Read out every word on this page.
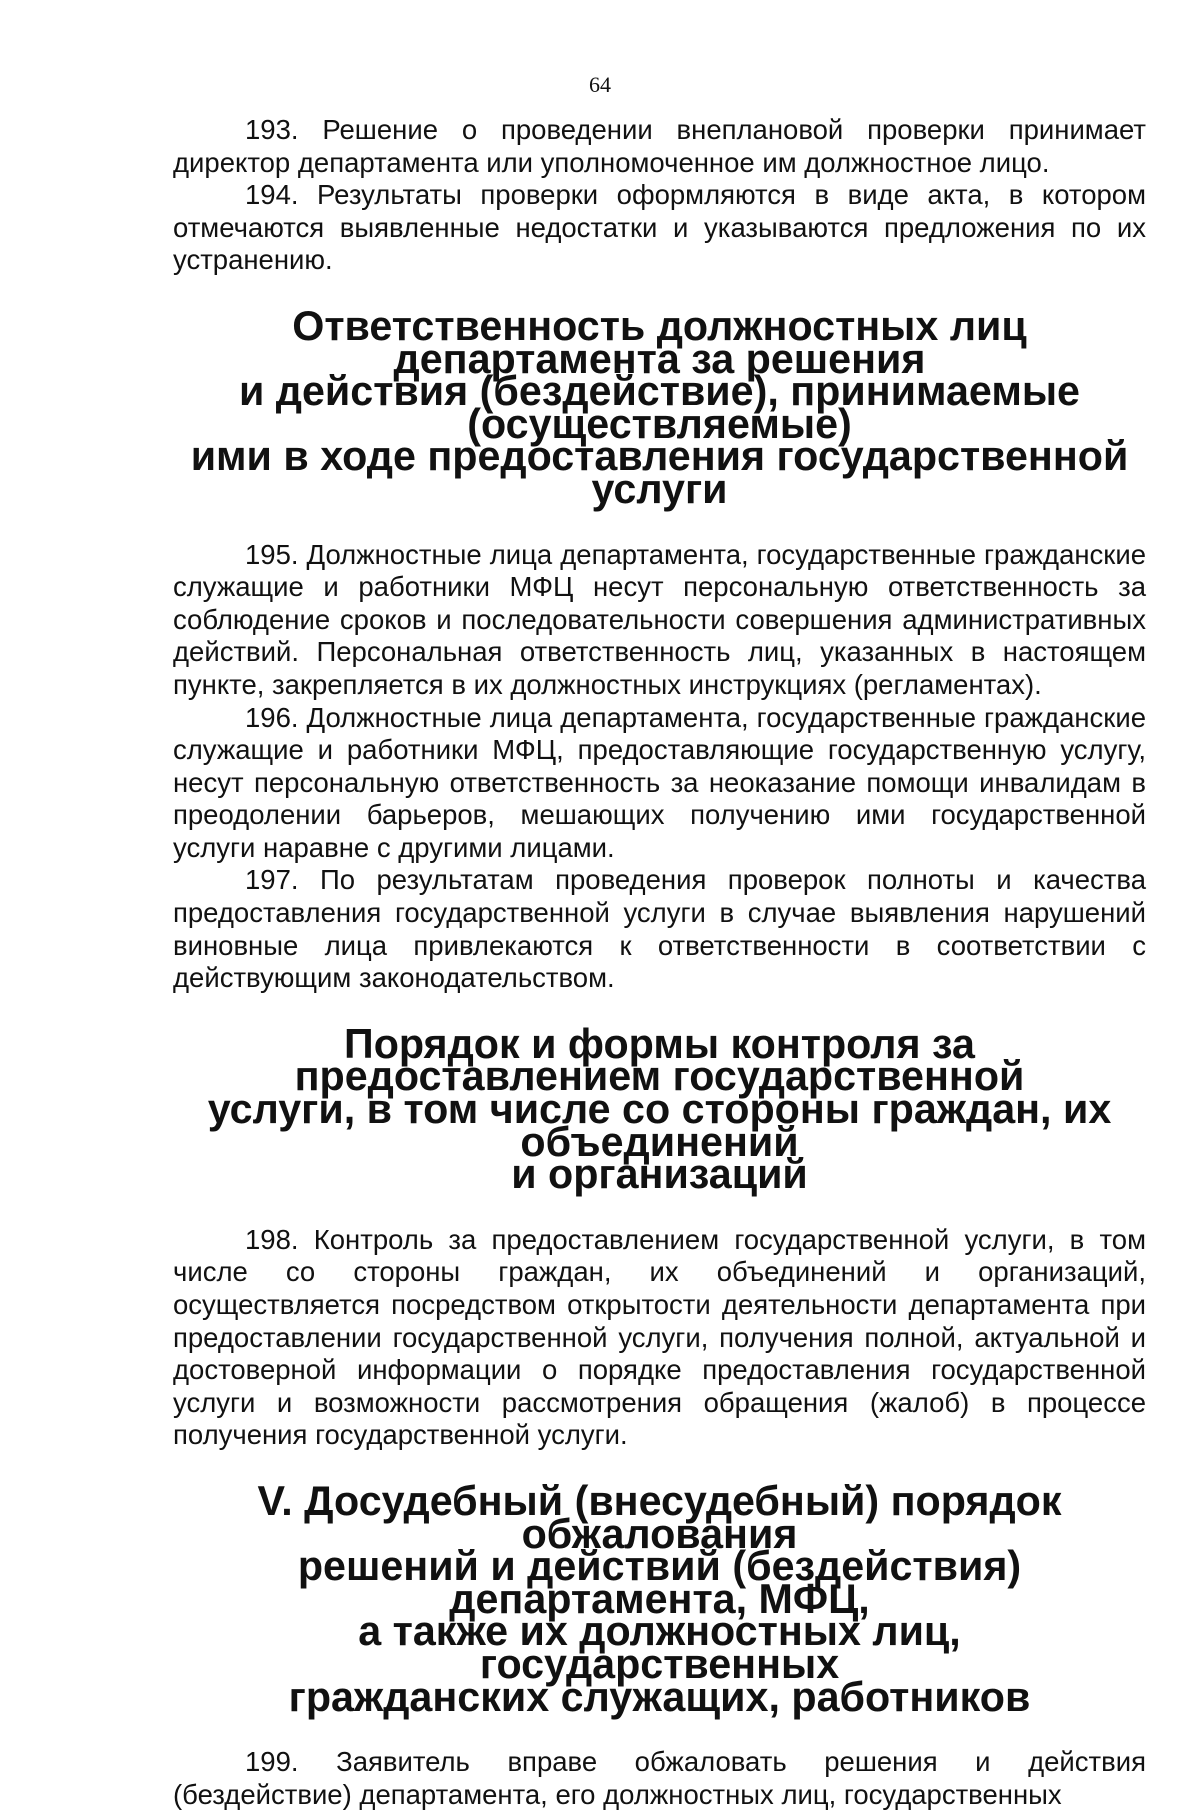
64

193. Решение о проведении внеплановой проверки принимает директор департамента или уполномоченное им должностное лицо.

194. Результаты проверки оформляются в виде акта, в котором отмечаются выявленные недостатки и указываются предложения по их устранению.

Ответственность должностных лиц департамента за решения
и действия (бездействие), принимаемые (осуществляемые)
ими в ходе предоставления государственной услуги

195. Должностные лица департамента, государственные гражданские служащие и работники МФЦ несут персональную ответственность за соблюдение сроков и последовательности совершения административных действий. Персональная ответственность лиц, указанных в настоящем пункте, закрепляется в их должностных инструкциях (регламентах).

196. Должностные лица департамента, государственные гражданские служащие и работники МФЦ, предоставляющие государственную услугу, несут персональную ответственность за неоказание помощи инвалидам в преодолении барьеров, мешающих получению ими государственной услуги наравне с другими лицами.

197. По результатам проведения проверок полноты и качества предоставления государственной услуги в случае выявления нарушений виновные лица привлекаются к ответственности в соответствии с действующим законодательством.

Порядок и формы контроля за предоставлением государственной
услуги, в том числе со стороны граждан, их объединений
и организаций

198. Контроль за предоставлением государственной услуги, в том числе со стороны граждан, их объединений и организаций, осуществляется посредством открытости деятельности департамента при предоставлении государственной услуги, получения полной, актуальной и достоверной информации о порядке предоставления государственной услуги и возможности рассмотрения обращения (жалоб) в процессе получения государственной услуги.

V. Досудебный (внесудебный) порядок обжалования
решений и действий (бездействия) департамента, МФЦ,
а также их должностных лиц, государственных
гражданских служащих, работников

199. Заявитель вправе обжаловать решения и действия (бездействие) департамента, его должностных лиц, государственных
